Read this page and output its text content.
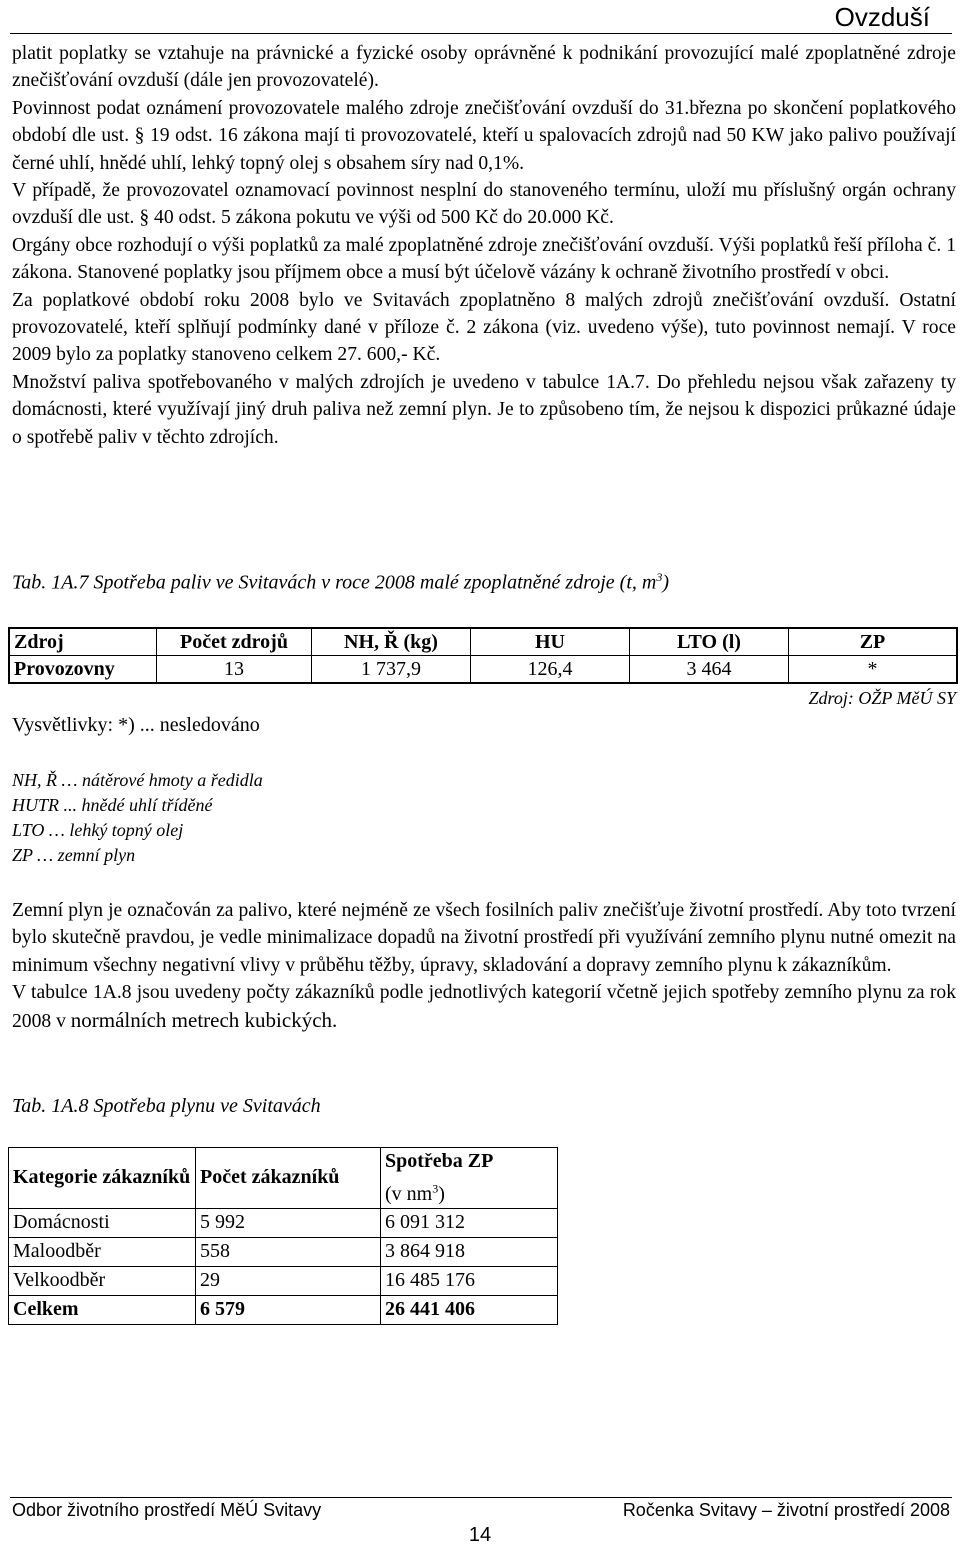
Ovzduší

platit poplatky se vztahuje na právnické a fyzické osoby oprávněné k podnikání provozující malé zpoplatněné zdroje znečišťování ovzduší (dále jen provozovatelé).

Povinnost podat oznámení provozovatele malého zdroje znečišťování ovzduší do 31.března po skončení poplatkového období dle ust. § 19 odst. 16 zákona mají ti provozovatelé, kteří u spalovacích zdrojů nad 50 KW jako palivo používají černé uhlí, hnědé uhlí, lehký topný olej s obsahem síry nad 0,1%.

V případě, že provozovatel oznamovací povinnost nesplní do stanoveného termínu, uloží mu příslušný orgán ochrany ovzduší dle ust. § 40 odst. 5 zákona pokutu ve výši od 500 Kč do 20.000 Kč.

Orgány obce rozhodují o výši poplatků za malé zpoplatněné zdroje znečišťování ovzduší. Výši poplatků řeší příloha č. 1 zákona. Stanovené poplatky jsou příjmem obce a musí být účelově vázány k ochraně životního prostředí v obci.

Za poplatkové období roku 2008 bylo ve Svitavách zpoplatněno 8 malých zdrojů znečišťování ovzduší. Ostatní provozovatelé, kteří splňují podmínky dané v příloze č. 2 zákona (viz. uvedeno výše), tuto povinnost nemají. V roce 2009 bylo za poplatky stanoveno celkem 27. 600,- Kč.

Množství paliva spotřebovaného v malých zdrojích je uvedeno v tabulce 1A.7. Do přehledu nejsou však zařazeny ty domácnosti, které využívají jiný druh paliva než zemní plyn. Je to způsobeno tím, že nejsou k dispozici průkazné údaje o spotřebě paliv v těchto zdrojích.

Tab. 1A.7 Spotřeba paliv ve Svitavách v roce 2008 malé zpoplatněné zdroje (t, $m^3$)
Zdroj	Počet zdrojů	NH, Ř (kg)	HU	LTO (l)	ZP
Provozovny	13	1 737,9	126,4	3 464	*
Zdroj: OŽP MěÚ SY
Vysvětlivky: *) ... nesledováno
NH, Ř … nátěrové hmoty a ředidla
HUTR ... hnědé uhlí tříděné
LTO … lehký topný olej
ZP … zemní plyn

Zemní plyn je označován za palivo, které nejméně ze všech fosilních paliv znečišťuje životní prostředí. Aby toto tvrzení bylo skutečně pravdou, je vedle minimalizace dopadů na životní prostředí při využívání zemního plynu nutné omezit na minimum všechny negativní vlivy v průběhu těžby, úpravy, skladování a dopravy zemního plynu k zákazníkům.

V tabulce 1A.8 jsou uvedeny počty zákazníků podle jednotlivých kategorií včetně jejich spotřeby zemního plynu za rok 2008 v normálních metrech kubických.

Tab. 1A.8 Spotřeba plynu ve Svitavách
Kategorie zákazníků	Počet zákazníků	Spotřeba ZP
(v $nm^3$)
Domácnosti	5 992	6 091 312
Maloodběr	558	3 864 918
Velkoodběr	29	16 485 176
Celkem	6 579	26 441 406
Odbor životního prostředí MěÚ Svitavy	Ročenka Svitavy – životní prostředí 2008
14
